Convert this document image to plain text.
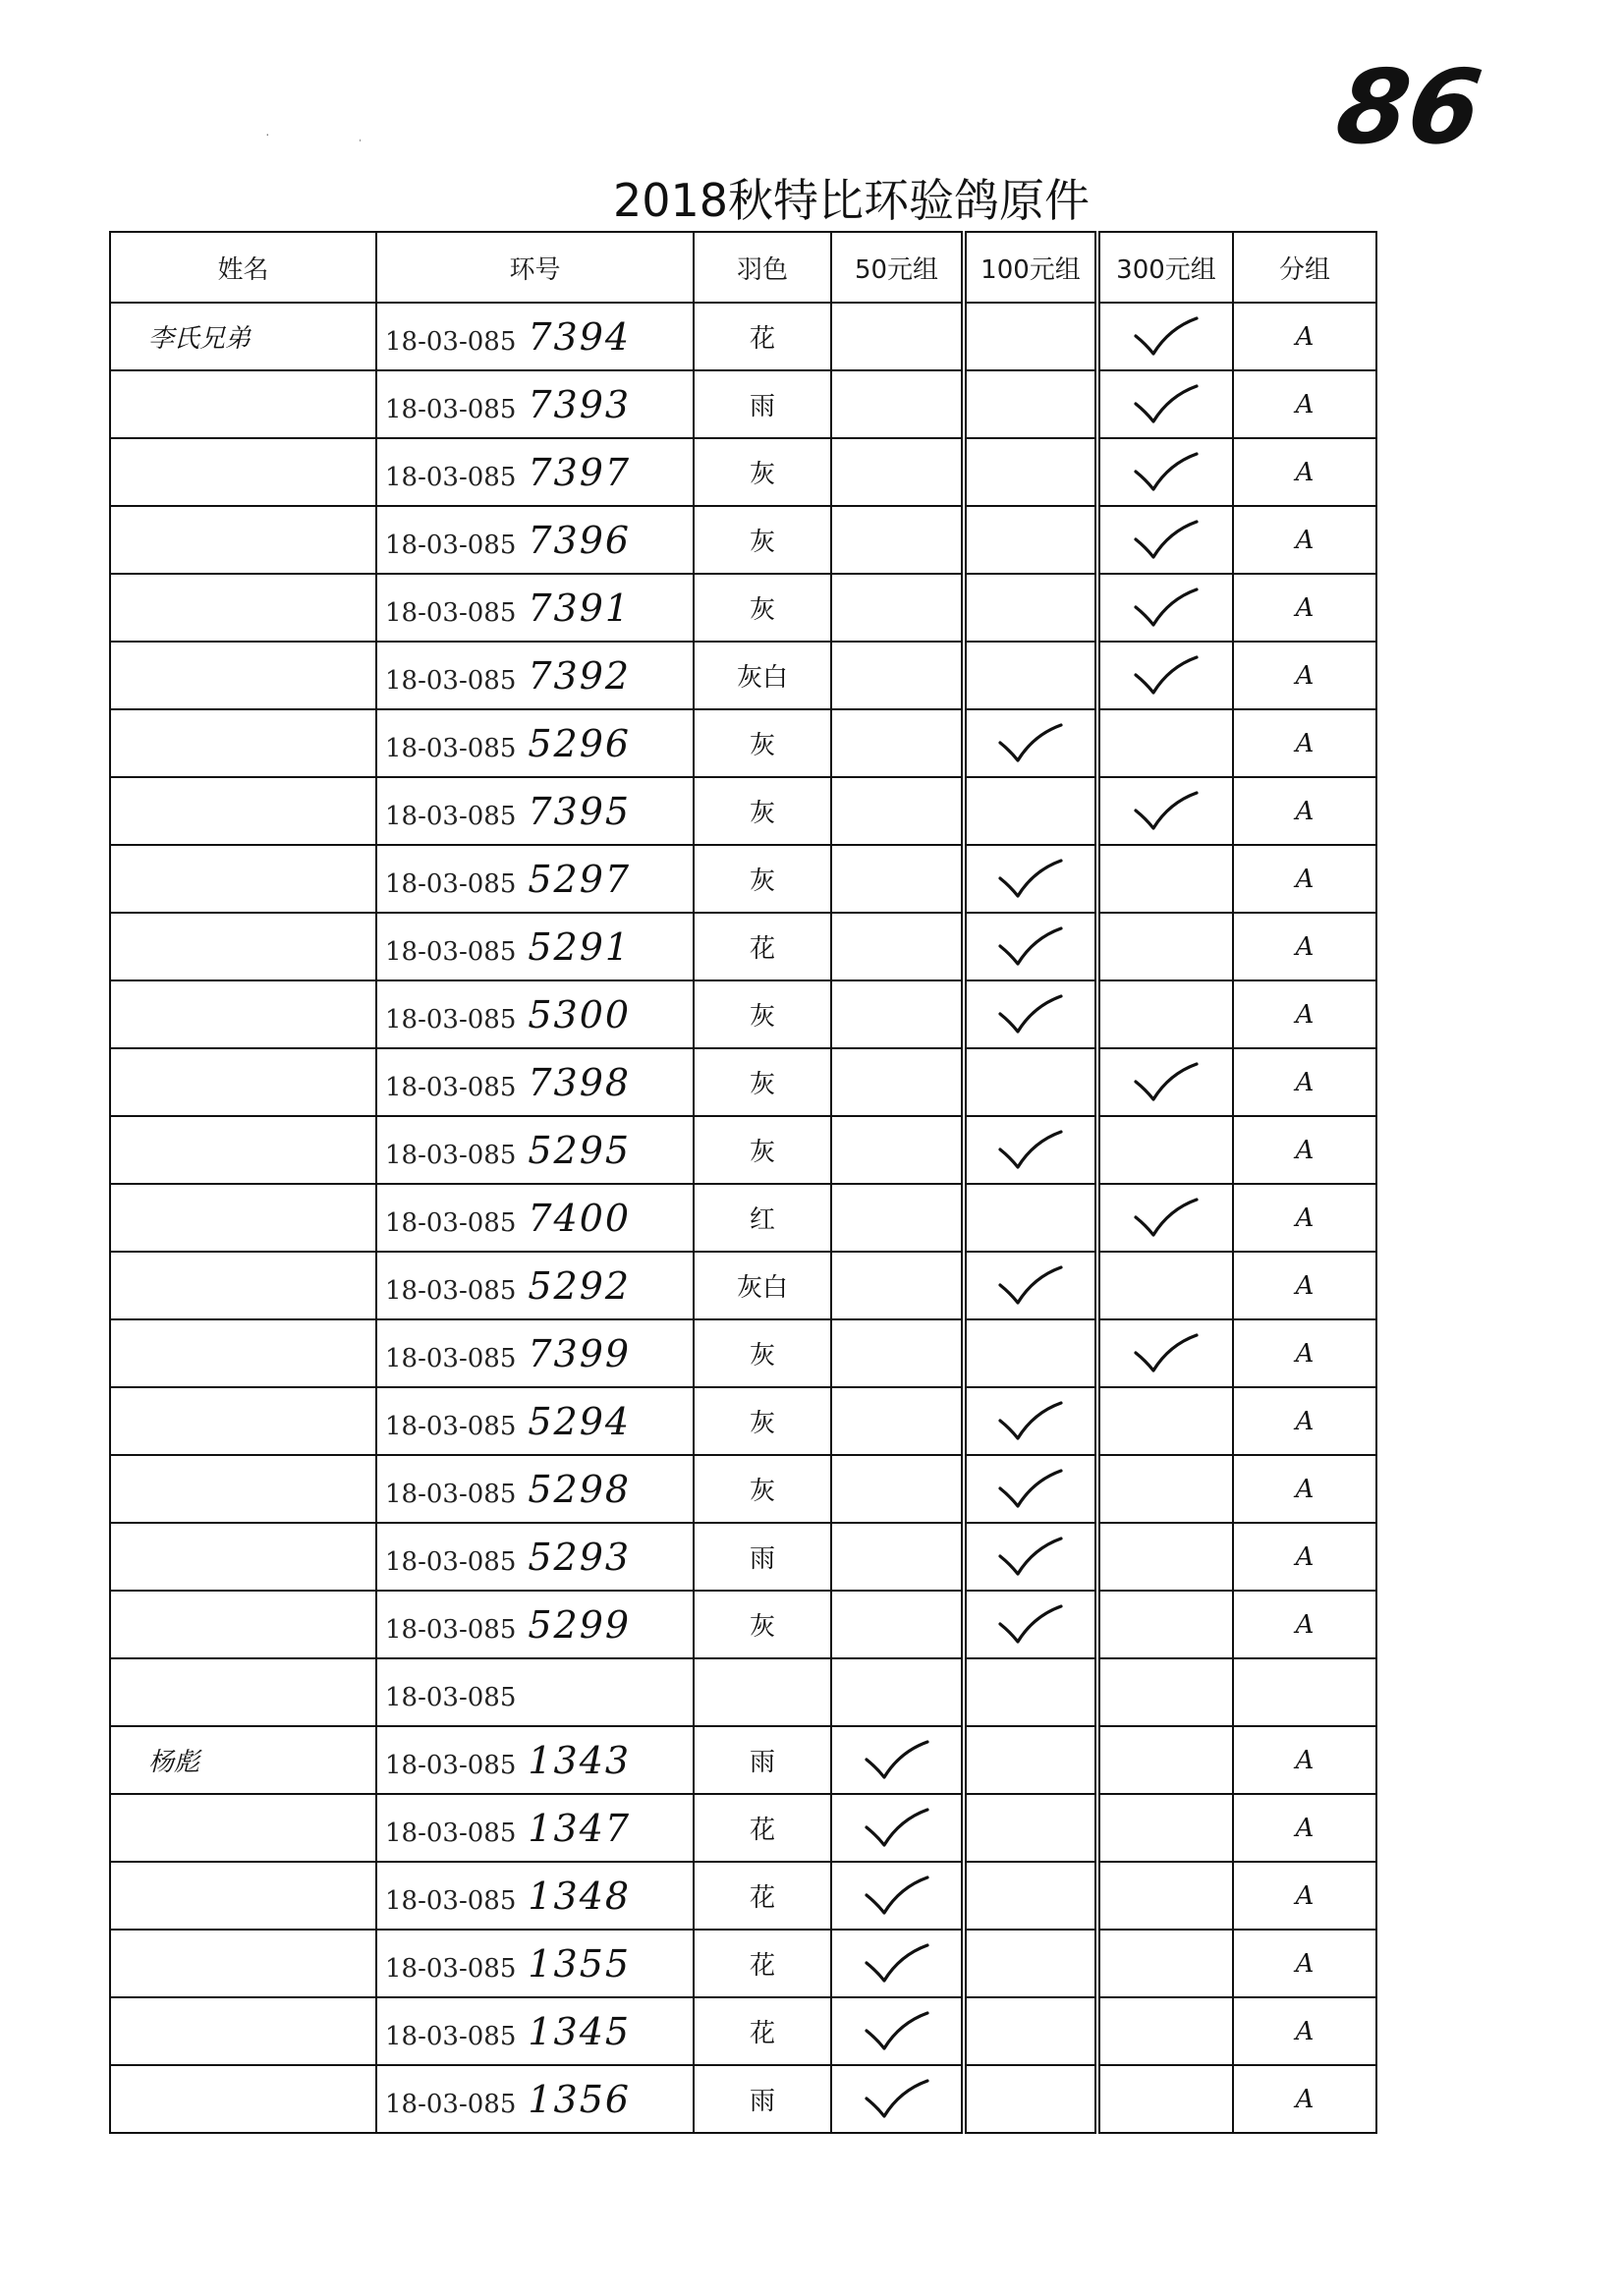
86
·                       ˌ
2018秋特比环验鸽原件
姓名	环号	羽色	50元组	100元组	300元组	分组
李氏兄弟	18-03-085 7394	花				A
	18-03-085 7393	雨				A
	18-03-085 7397	灰				A
	18-03-085 7396	灰				A
	18-03-085 7391	灰				A
	18-03-085 7392	灰白				A
	18-03-085 5296	灰				A
	18-03-085 7395	灰				A
	18-03-085 5297	灰				A
	18-03-085 5291	花				A
	18-03-085 5300	灰				A
	18-03-085 7398	灰				A
	18-03-085 5295	灰				A
	18-03-085 7400	红				A
	18-03-085 5292	灰白				A
	18-03-085 7399	灰				A
	18-03-085 5294	灰				A
	18-03-085 5298	灰				A
	18-03-085 5293	雨				A
	18-03-085 5299	灰				A
	18-03-085					
杨彪	18-03-085 1343	雨				A
	18-03-085 1347	花				A
	18-03-085 1348	花				A
	18-03-085 1355	花				A
	18-03-085 1345	花				A
	18-03-085 1356	雨				A
